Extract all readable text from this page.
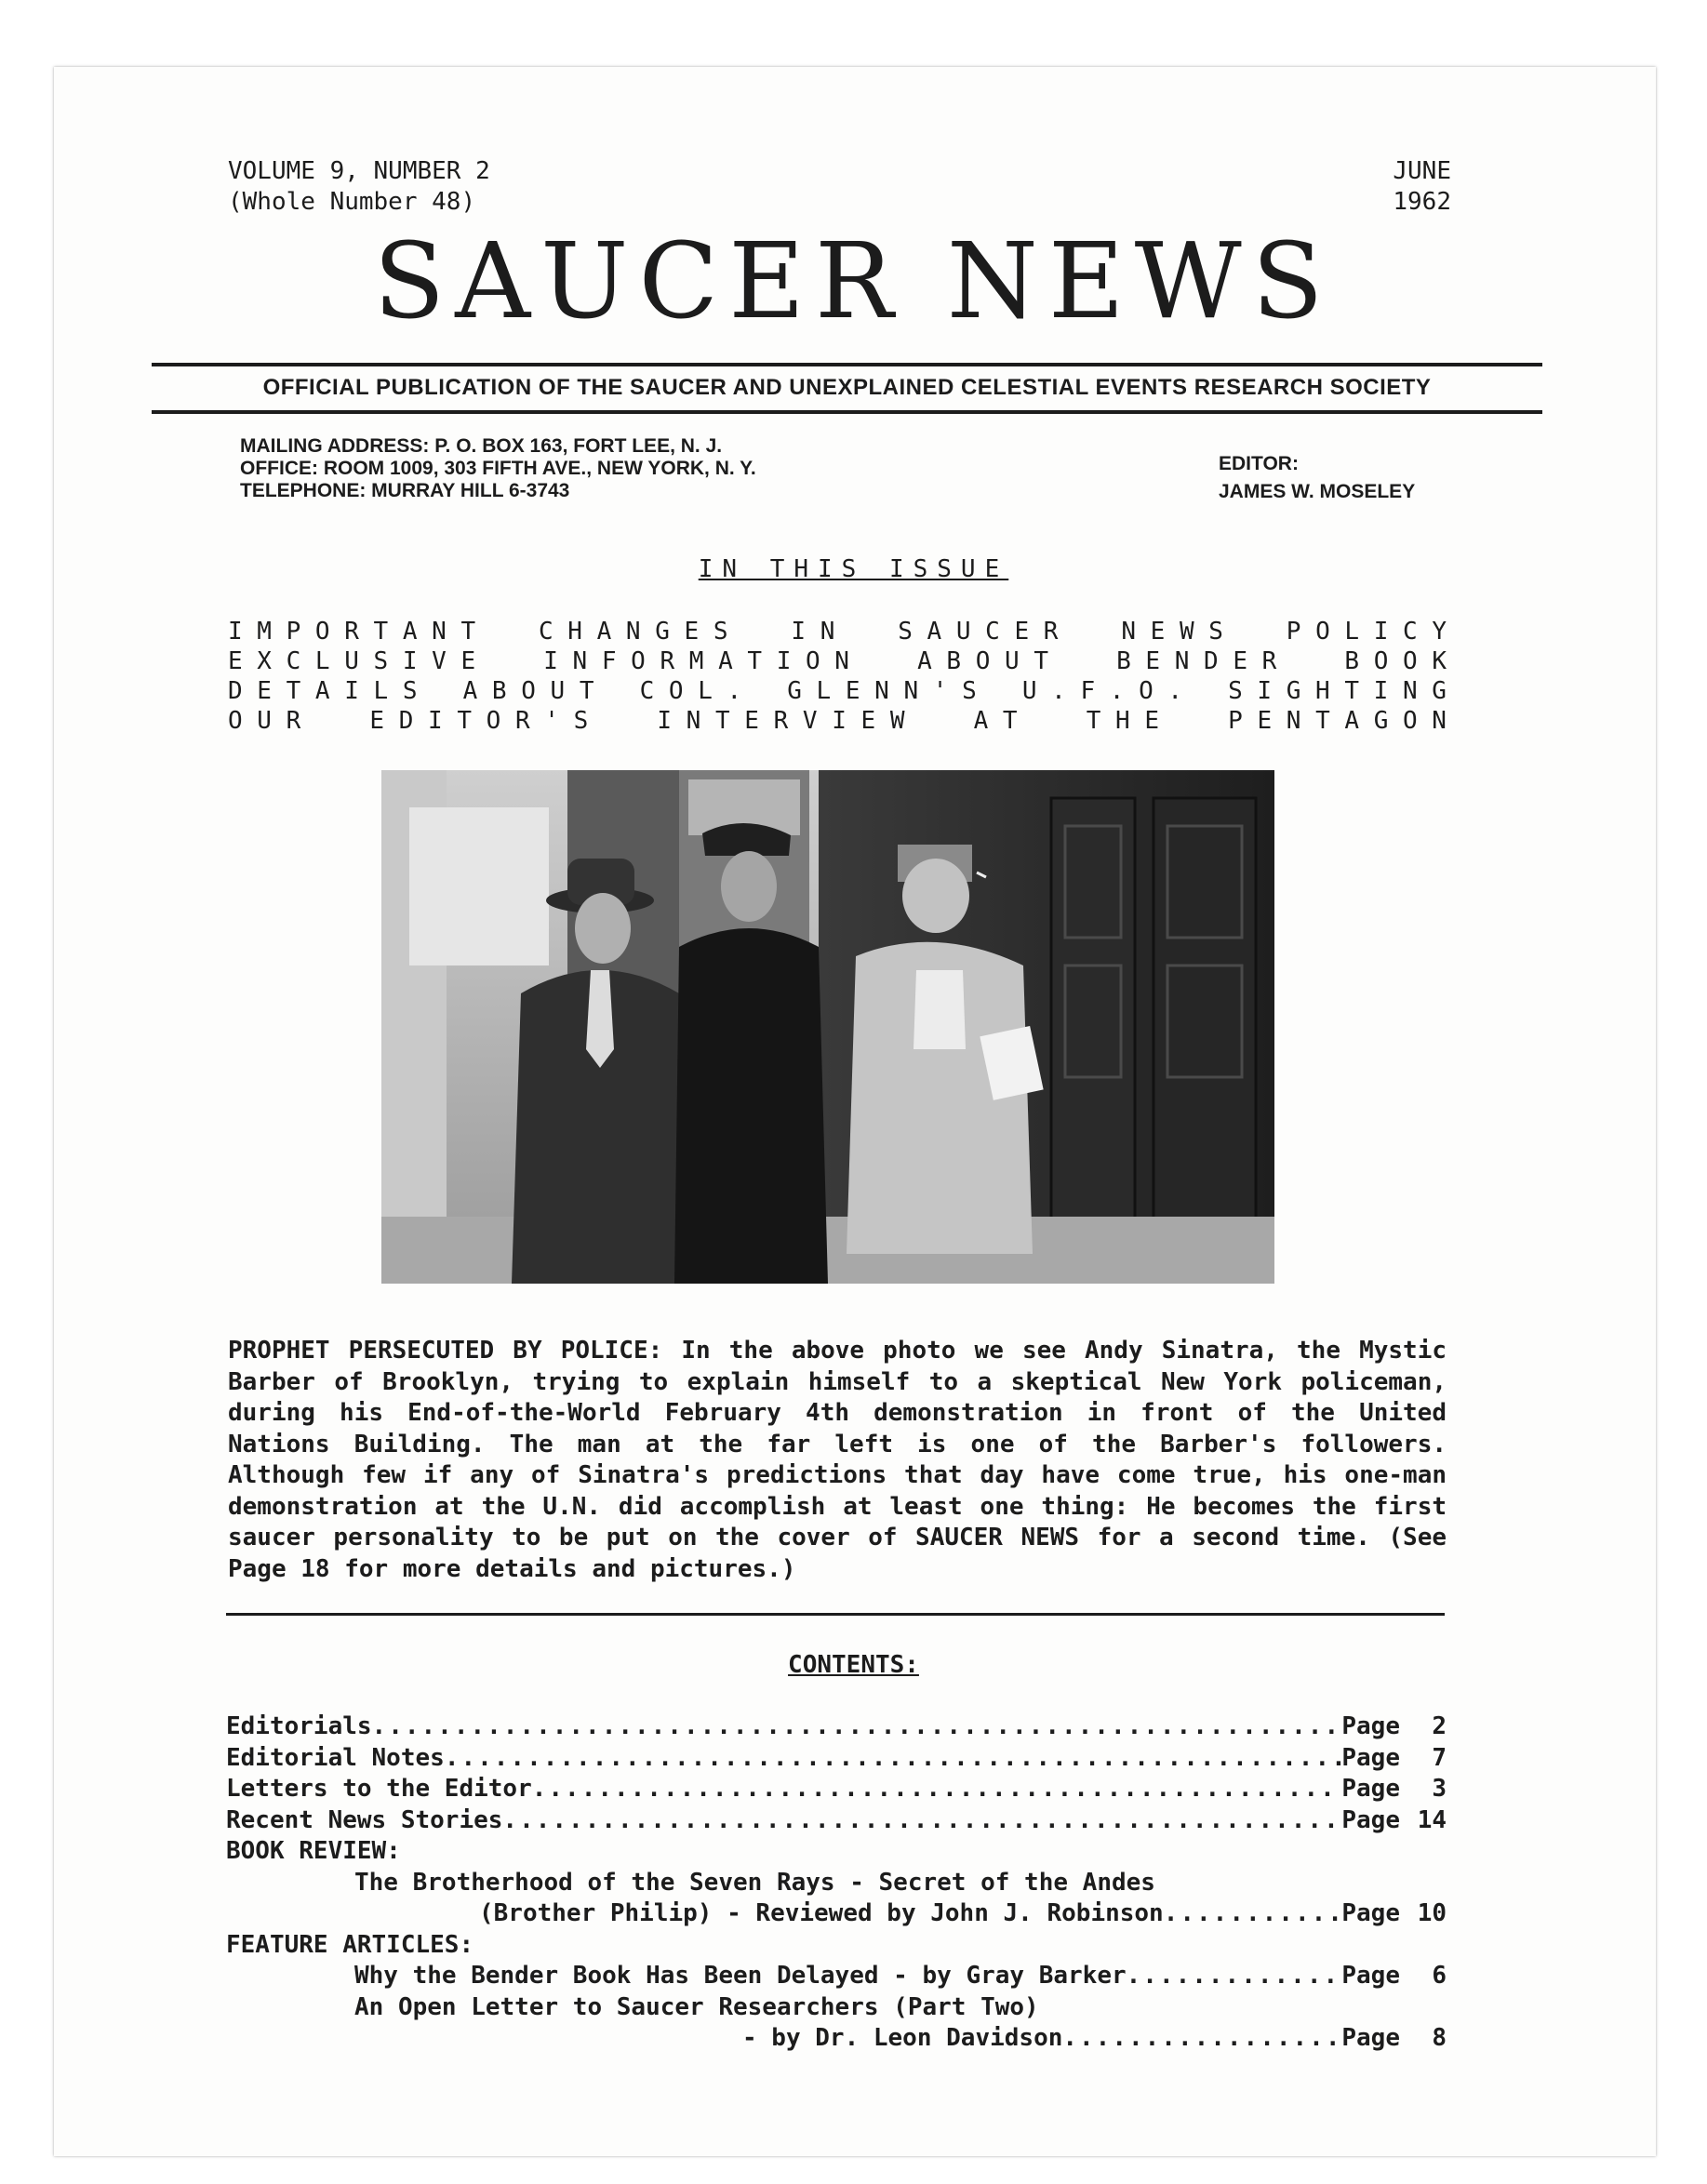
VOLUME 9, NUMBER 2
(Whole Number 48)
JUNE
1962
SAUCER NEWS
OFFICIAL PUBLICATION OF THE SAUCER AND UNEXPLAINED CELESTIAL EVENTS RESEARCH SOCIETY
MAILING ADDRESS: P. O. BOX 163, FORT LEE, N. J.
OFFICE: ROOM 1009, 303 FIFTH AVE., NEW YORK, N. Y.
TELEPHONE: MURRAY HILL 6-3743
EDITOR:
JAMES W. MOSELEY
IN THIS ISSUE
I M P O R T A N T	C H A N G E S	I N	S A U C E R	N E W S	P O L I C Y
E X C L U S I V E	I N F O R M A T I O N	A B O U T	B E N D E R	B O O K
D E T A I L S A B O U T C O L . G L E N N ' S U . F . O . S I G H T I N G
O U R	E D I T O R ' S	I N T E R V I E W	A T	T H E	P E N T A G O N
PROPHET PERSECUTED BY POLICE: In the above photo we see Andy Sinatra, the Mystic Barber of Brooklyn, trying to explain himself to a skeptical New York policeman, during his End-of-the-World February 4th demonstration in front of the United Nations Building. The man at the far left is one of the Barber's followers. Although few if any of Sinatra's predictions that day have come true, his one-man demonstration at the U.N. did accomplish at least one thing: He becomes the first saucer personality to be put on the cover of SAUCER NEWS for a second time. (See Page 18 for more details and pictures.)
CONTENTS:
Editorials .....	Page	2
Editorial Notes .....	Page	7
Letters to the Editor .....	Page	3
Recent News Stories .....	Page 14
BOOK REVIEW:
The Brotherhood of the Seven Rays - Secret of the Andes
(Brother Philip) - Reviewed by John J. Robinson .....	Page 10
FEATURE ARTICLES:
Why the Bender Book Has Been Delayed - by Gray Barker .....	Page	6
An Open Letter to Saucer Researchers (Part Two)
- by Dr. Leon Davidson .....	Page	8
